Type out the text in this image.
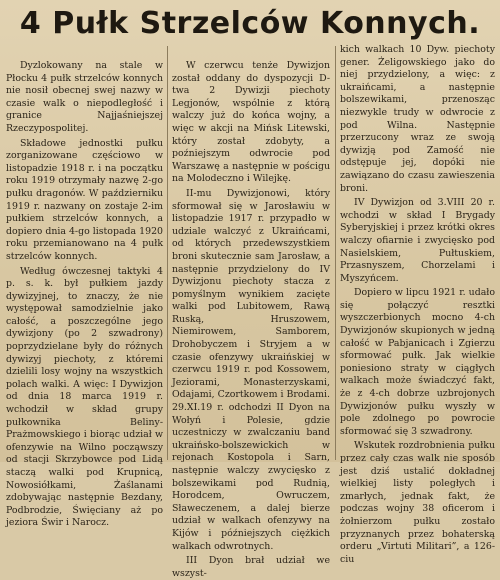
4 Pułk Strzelców Konnych.

Dyzlokowany na stale w Płocku 4 pułk strzelców konnych nie nosił obecnej swej nazwy w czasie walk o niepodległość i granice Najjaśniejszej Rzeczypospolitej.

Składowe jednostki pułku zorganizowane częściowo w listopadzie 1918 r. i na początku roku 1919 otrzymały nazwę 2-go pułku dragonów. W październiku 1919 r. nazwany on zostaje 2-im pułkiem strzelców konnych, a dopiero dnia 4-go listopada 1920 roku przemianowano na 4 pułk strzelców konnych.

Według ówczesnej taktyki 4 p. s. k. był pułkiem jazdy dywizyjnej, to znaczy, że nie występował samodzielnie jako całość, a poszczególne jego dywizjony (po 2 szwadrony) poprzydzielane były do różnych dywizyj piechoty, z któremi dzielili losy wojny na wszystkich polach walki. A więc: I Dywizjon od dnia 18 marca 1919 r. wchodził w skład grupy pułkownika Beliny-Prażmowskiego i biorąc udział w ofenzywie na Wilno począwszy od stacji Skrzybowce pod Lidą staczą walki pod Krupnicą, Nowosiółkami, Żaślanami zdobywając następnie Bezdany, Podbrodzie, Święciany aż po jeziora Świr i Narocz.

W czerwcu tenże Dywizjon został oddany do dyspozycji D-twa 2 Dywizji piechoty Legjonów, wspólnie z którą walczy już do końca wojny, a więc w akcji na Mińsk Litewski, który został zdobyty, a poźniejszym odwrocie pod Warszawę a następnie w pościgu na Molodeczno i Wilejkę.

II-mu Dywizjonowi, który sformował się w Jarosławiu w listopadzie 1917 r. przypadło w udziale walczyć z Ukraińcami, od których przedewszystkiem broni skutecznie sam Jarosław, a następnie przydzielony do IV Dywizjonu piechoty stacza z pomyślnym wynikiem zacięte walki pod Lubitowem, Rawą Ruską, Hruszowem, Niemirowem, Samborem, Drohobyczem i Stryjem a w czasie ofenzywy ukraińskiej w czerwcu 1919 r. pod Kossowem, Jeziorami, Monasterzyskami, Odajami, Czortkowem i Brodami. 29.XI.19 r. odchodzi II Dyon na Wołyń i Polesie, gdzie uczestniczy w zwalczaniu band ukraińsko-bolszewickich w rejonach Kostopola i Sarn, następnie walczy zwycięsko z bolszewikami pod Rudnią, Horodcem, Owruczem, Sławeczenem, a dalej bierze udział w walkach ofenzywy na Kijów i późniejszych ciężkich walkach odwrotnych.

III Dyon brał udział we wszyst-

kich walkach 10 Dyw. piechoty gener. Żeligowskiego jako do niej przydzielony, a więc: z ukraińcami, a następnie bolszewikami, przenosząc niezwykle trudy w odwrocie z pod Wilna. Następnie przerzucony wraz ze swoją dywizją pod Zamość nie odstępuje jej, dopóki nie zawiązano do czasu zawieszenia broni.

IV Dywizjon od 3.VIII 20 r. wchodzi w skład I Brygady Syberyjskiej i przez krótki okres walczy ofiarnie i zwycięsko pod Nasielskiem, Pułtuskiem, Przasnyszem, Chorzelami i Myszyńcem.

Dopiero w lipcu 1921 r. udało się połączyć resztki wyszczerbionych mocno 4-ch Dywizjonów skupionych w jedną całość w Pabjanicach i Zgierzu sformować pułk. Jak wielkie poniesiono straty w ciągłych walkach może świadczyć fakt, że z 4-ch dobrze uzbrojonych Dywizjonów pułku wyszły w pole zdolnego po powrocie sformować się 3 szwadrony.

Wskutek rozdrobnienia pułku przez cały czas walk nie sposób jest dziś ustalić dokładnej wielkiej listy poległych i zmarłych, jednak fakt, że podczas wojny 38 oficerom i żołnierzom pułku zostało przyznanych przez bohaterską orderu „Virtuti Militari”, a 126-ciu
